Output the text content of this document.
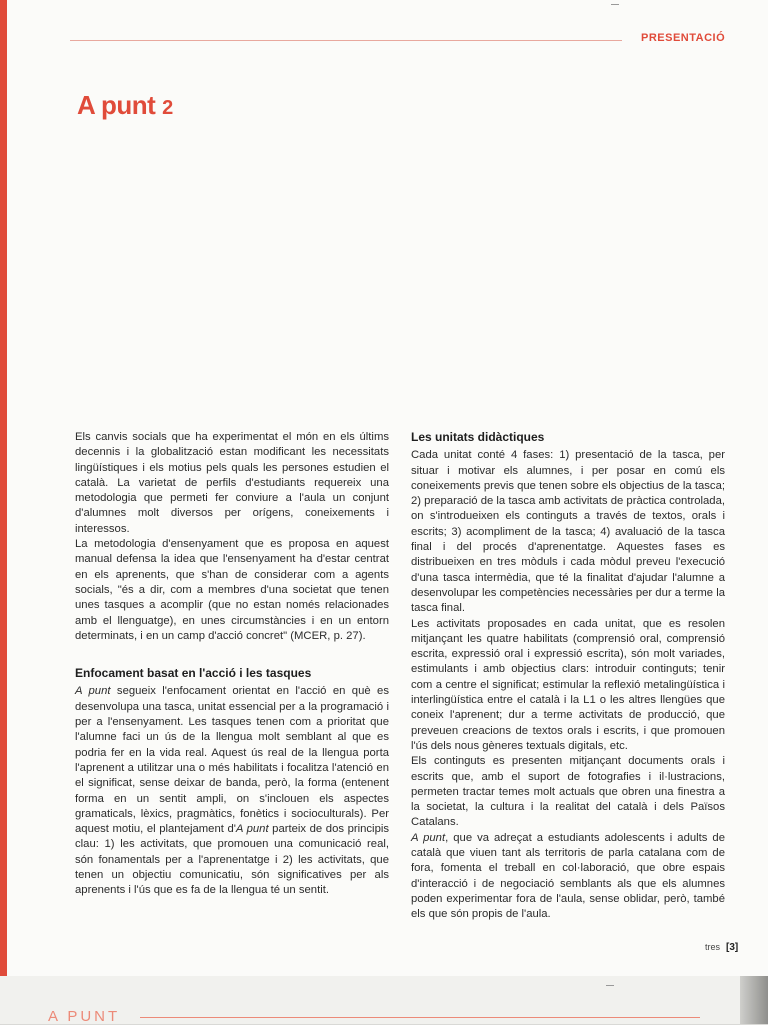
PRESENTACIÓ
A punt 2

Els canvis socials que ha experimentat el món en els últims decennis i la globalització estan modificant les necessitats lingüístiques i els motius pels quals les persones estudien el català. La varietat de perfils d'estudiants requereix una metodologia que permeti fer conviure a l'aula un conjunt d'alumnes molt diversos per orígens, coneixements i interessos.

La metodologia d'ensenyament que es proposa en aquest manual defensa la idea que l'ensenyament ha d'estar centrat en els aprenents, que s'han de considerar com a agents socials, "és a dir, com a membres d'una societat que tenen unes tasques a acomplir (que no estan només relacionades amb el llenguatge), en unes circumstàncies i en un entorn determinats, i en un camp d'acció concret" (MCER, p. 27).

Enfocament basat en l'acció i les tasques

A punt segueix l'enfocament orientat en l'acció en què es desenvolupa una tasca, unitat essencial per a la programació i per a l'ensenyament. Les tasques tenen com a prioritat que l'alumne faci un ús de la llengua molt semblant al que es podria fer en la vida real. Aquest ús real de la llengua porta l'aprenent a utilitzar una o més habilitats i focalitza l'atenció en el significat, sense deixar de banda, però, la forma (entenent forma en un sentit ampli, on s'inclouen els aspectes gramaticals, lèxics, pragmàtics, fonètics i socioculturals). Per aquest motiu, el plantejament d'A punt parteix de dos principis clau: 1) les activitats, que promouen una comunicació real, són fonamentals per a l'aprenentatge i 2) les activitats, que tenen un objectiu comunicatiu, són significatives per als aprenents i l'ús que es fa de la llengua té un sentit.

Les unitats didàctiques

Cada unitat conté 4 fases: 1) presentació de la tasca, per situar i motivar els alumnes, i per posar en comú els coneixements previs que tenen sobre els objectius de la tasca; 2) preparació de la tasca amb activitats de pràctica controlada, on s'introdueixen els continguts a través de textos, orals i escrits; 3) acompliment de la tasca; 4) avaluació de la tasca final i del procés d'aprenentatge. Aquestes fases es distribueixen en tres mòduls i cada mòdul preveu l'execució d'una tasca intermèdia, que té la finalitat d'ajudar l'alumne a desenvolupar les competències necessàries per dur a terme la tasca final.

Les activitats proposades en cada unitat, que es resolen mitjançant les quatre habilitats (comprensió oral, comprensió escrita, expressió oral i expressió escrita), són molt variades, estimulants i amb objectius clars: introduir continguts; tenir com a centre el significat; estimular la reflexió metalingüística i interlingüística entre el català i la L1 o les altres llengües que coneix l'aprenent; dur a terme activitats de producció, que preveuen creacions de textos orals i escrits, i que promouen l'ús dels nous gèneres textuals digitals, etc.

Els continguts es presenten mitjançant documents orals i escrits que, amb el suport de fotografies i il·lustracions, permeten tractar temes molt actuals que obren una finestra a la societat, la cultura i la realitat del català i dels Països Catalans.

A punt, que va adreçat a estudiants adolescents i adults de català que viuen tant als territoris de parla catalana com de fora, fomenta el treball en col·laboració, que obre espais d'interacció i de negociació semblants als que els alumnes poden experimentar fora de l'aula, sense oblidar, però, també els que són propis de l'aula.

tres [3]
A PUNT
